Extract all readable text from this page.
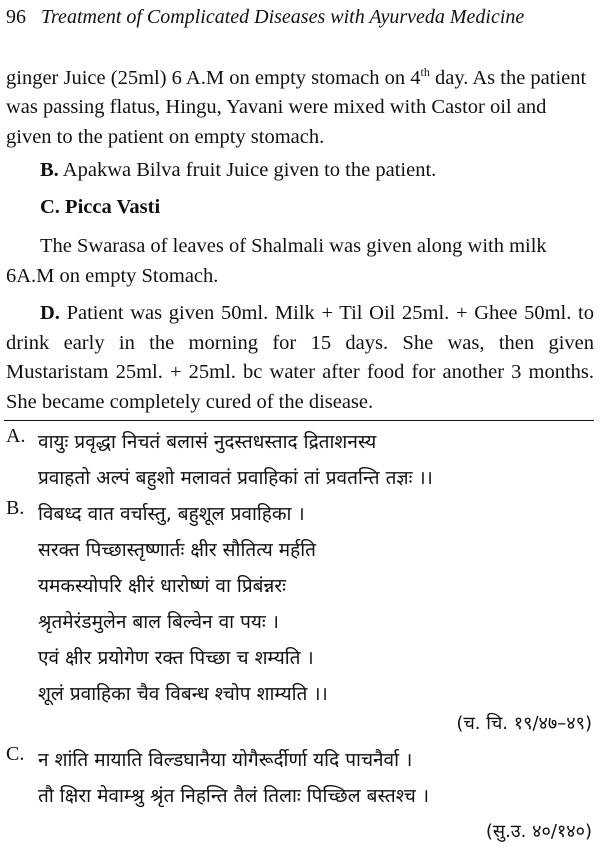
96 Treatment of Complicated Diseases with Ayurveda Medicine

ginger Juice (25ml) 6 A.M on empty stomach on 4th day. As the patient was passing flatus, Hingu, Yavani were mixed with Castor oil and given to the patient on empty stomach.

B. Apakwa Bilva fruit Juice given to the patient.

C. Picca Vasti

The Swarasa of leaves of Shalmali was given along with milk 6A.M on empty Stomach.

D. Patient was given 50ml. Milk + Til Oil 25ml. + Ghee 50ml. to drink early in the morning for 15 days. She was, then given Mustaristam 25ml. + 25ml. bc water after food for another 3 months. She became completely cured of the disease.

A. वायुः प्रवृद्धा निचतं बलासं नुदस्तधस्ताद द्रिताशनस्य
प्रवाहतो अल्पं बहुशो मलावतं प्रवाहिकां तां प्रवतन्ति तज्ञः ।।
B. विबध्द वात वर्चास्तु, बहुशूल प्रवाहिका ।
सरक्त पिच्छास्तृष्णार्तः क्षीर सौतित्य मर्हति
यमकस्योपरि क्षीरं धारोष्णं वा प्रिबंन्नरः
श्रृतमेरंडमुलेन बाल बिल्वेन वा पयः ।
एवं क्षीर प्रयोगेण रक्त पिच्छा च शम्यति ।
शूलं प्रवाहिका चैव विबन्ध श्चोप शाम्यति ।।
(च. चि. १९/४७–४९)
C. न शांति मायाति विल्डघानैया योगैरूर्दीर्णा यदि पाचनैर्वा ।
तौ क्षिरा मेवाम्श्रु श्रृंत निहन्ति तैलं तिलाः पिच्छिल बस्तश्च ।
(सु.उ. ४०/१४०)
